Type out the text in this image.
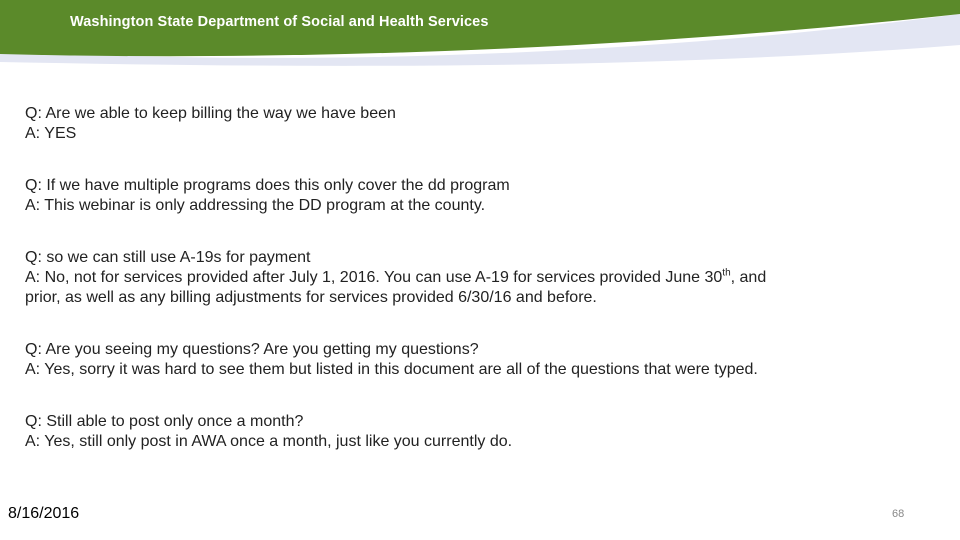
Washington State Department of Social and Health Services
Q: Are we able to keep billing the way we have been
A: YES
Q: If we have multiple programs does this only cover the dd program
A: This webinar is only addressing the DD program at the county.
Q: so we can still use A-19s for payment
A: No, not for services provided after July 1, 2016. You can use A-19 for services provided June 30th, and
prior, as well as any billing adjustments for services provided 6/30/16 and before.
Q: Are you seeing my questions? Are you getting my questions?
A: Yes, sorry it was hard to see them but listed in this document are all of the questions that were typed.
Q: Still able to post only once a month?
A: Yes, still only post in AWA once a month, just like you currently do.
8/16/2016	68
